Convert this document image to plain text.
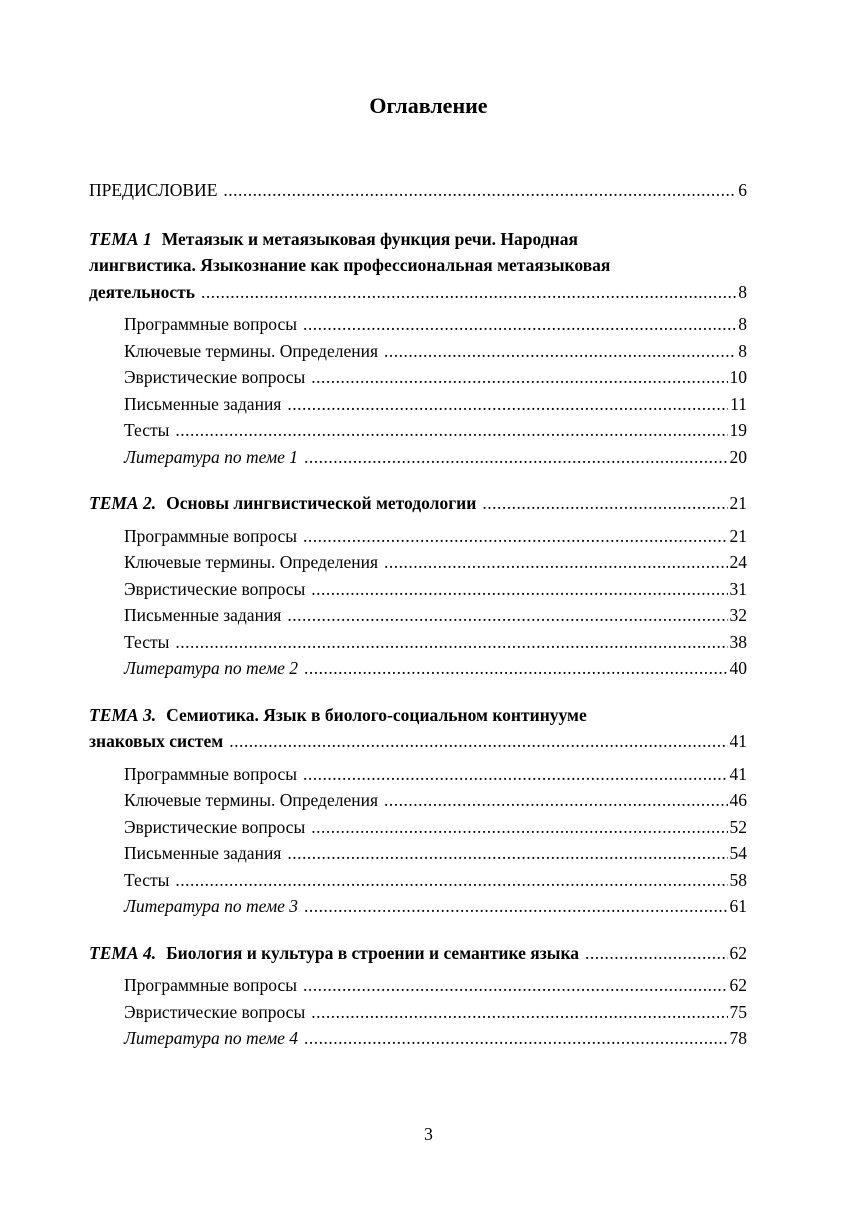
Оглавление
ПРЕДИСЛОВИЕ .....	6
ТЕМА 1 Метаязык и метаязыковая функция речи. Народная
лингвистика. Языкознание как профессиональная метаязыковая
деятельность .....	8
Программные вопросы .....	8
Ключевые термины. Определения .....	8
Эвристические вопросы .....	10
Письменные задания .....	11
Тесты .....	19
Литература по теме 1 .....	20
ТЕМА 2. Основы лингвистической методологии .....	21
Программные вопросы .....	21
Ключевые термины. Определения .....	24
Эвристические вопросы .....	31
Письменные задания .....	32
Тесты .....	38
Литература по теме 2 .....	40
ТЕМА 3. Семиотика. Язык в биолого-социальном континууме
знаковых систем .....	41
Программные вопросы .....	41
Ключевые термины. Определения .....	46
Эвристические вопросы .....	52
Письменные задания .....	54
Тесты .....	58
Литература по теме 3 .....	61
ТЕМА 4. Биология и культура в строении и семантике языка .....	62
Программные вопросы .....	62
Эвристические вопросы .....	75
Литература по теме 4 .....	78
3
